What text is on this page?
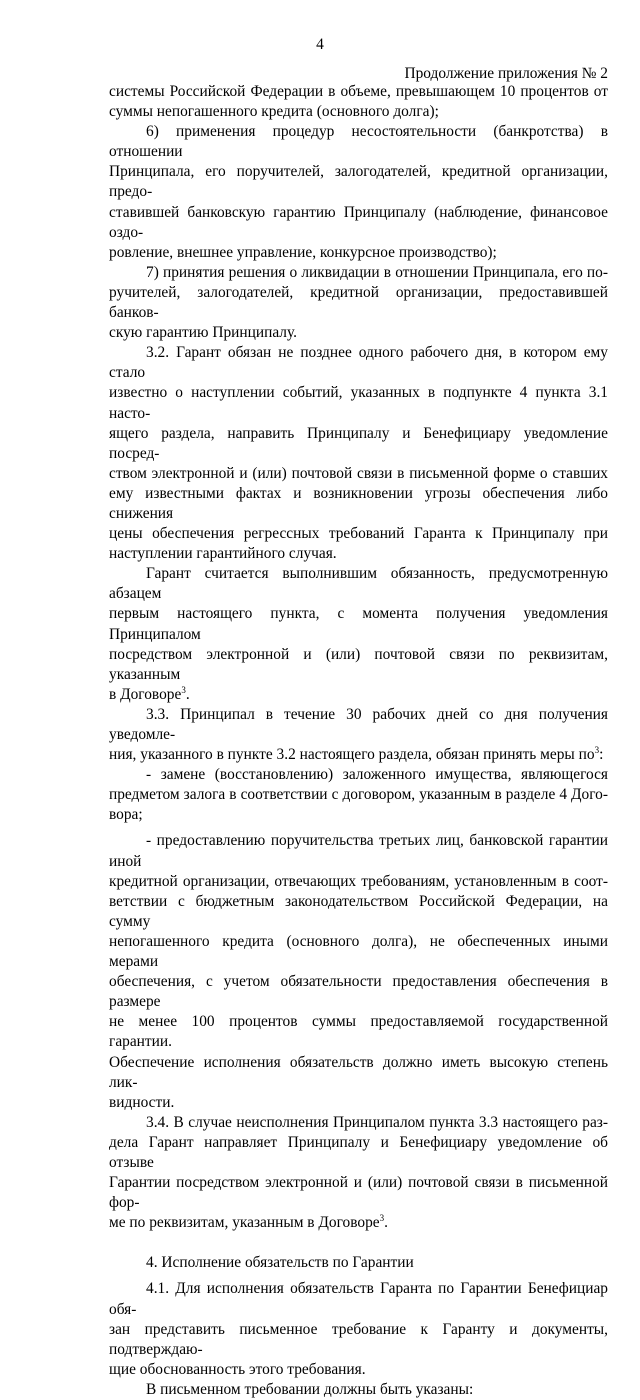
4
Продолжение приложения № 2

системы Российской Федерации в объеме, превышающем 10 процентов от
суммы непогашенного кредита (основного долга);

6) применения процедур несостоятельности (банкротства) в отношении
Принципала, его поручителей, залогодателей, кредитной организации, предо-
ставившей банковскую гарантию Принципалу (наблюдение, финансовое оздо-
ровление, внешнее управление, конкурсное производство);

7) принятия решения о ликвидации в отношении Принципала, его по-
ручителей, залогодателей, кредитной организации, предоставившей банков-
скую гарантию Принципалу.

3.2. Гарант обязан не позднее одного рабочего дня, в котором ему стало
известно о наступлении событий, указанных в подпункте 4 пункта 3.1 насто-
ящего раздела, направить Принципалу и Бенефициару уведомление посред-
ством электронной и (или) почтовой связи в письменной форме о ставших
ему известными фактах и возникновении угрозы обеспечения либо снижения
цены обеспечения регрессных требований Гаранта к Принципалу при
наступлении гарантийного случая.

Гарант считается выполнившим обязанность, предусмотренную абзацем
первым настоящего пункта, с момента получения уведомления Принципалом
посредством электронной и (или) почтовой связи по реквизитам, указанным
в Договоре$^3$.

3.3. Принципал в течение 30 рабочих дней со дня получения уведомле-
ния, указанного в пункте 3.2 настоящего раздела, обязан принять меры $по^3$:

- замене (восстановлению) заложенного имущества, являющегося
предметом залога в соответствии с договором, указанным в разделе 4 Дого-
вора;

- предоставлению поручительства третьих лиц, банковской гарантии иной
кредитной организации, отвечающих требованиям, установленным в соот-
ветствии с бюджетным законодательством Российской Федерации, на сумму
непогашенного кредита (основного долга), не обеспеченных иными мерами
обеспечения, с учетом обязательности предоставления обеспечения в размере
не менее 100 процентов суммы предоставляемой государственной гарантии.
Обеспечение исполнения обязательств должно иметь высокую степень лик-
видности.

3.4. В случае неисполнения Принципалом пункта 3.3 настоящего раз-
дела Гарант направляет Принципалу и Бенефициару уведомление об отзыве
Гарантии посредством электронной и (или) почтовой связи в письменной фор-
ме по реквизитам, указанным в Договоре$^3$.

4. Исполнение обязательств по Гарантии

4.1. Для исполнения обязательств Гаранта по Гарантии Бенефициар обя-
зан представить письменное требование к Гаранту и документы, подтверждаю-
щие обоснованность этого требования.

В письменном требовании должны быть указаны:
